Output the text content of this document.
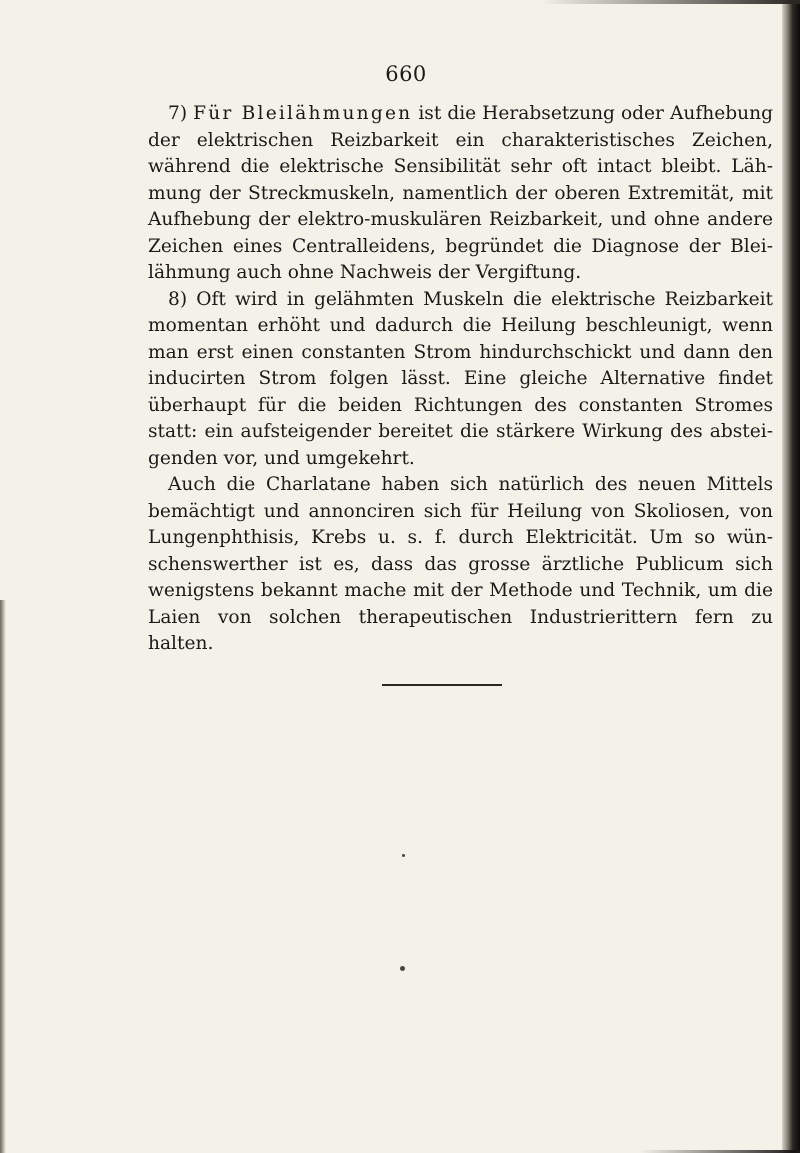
660

7) Für Bleilähmungen ist die Herabsetzung oder Aufhebung der elektrischen Reizbarkeit ein charakteristisches Zeichen, während die elektrische Sensibilität sehr oft intact bleibt. Lähmung der Streckmuskeln, namentlich der oberen Extremität, mit Aufhebung der elektro-muskulären Reizbarkeit, und ohne andere Zeichen eines Centralleidens, begründet die Diagnose der Bleilähmung auch ohne Nachweis der Vergiftung.

8) Oft wird in gelähmten Muskeln die elektrische Reizbarkeit momentan erhöht und dadurch die Heilung beschleunigt, wenn man erst einen constanten Strom hindurchschickt und dann den inducirten Strom folgen lässt. Eine gleiche Alternative findet überhaupt für die beiden Richtungen des constanten Stromes statt: ein aufsteigender bereitet die stärkere Wirkung des absteigenden vor, und umgekehrt.

Auch die Charlatane haben sich natürlich des neuen Mittels bemächtigt und annonciren sich für Heilung von Skoliosen, von Lungenphthisis, Krebs u. s. f. durch Elektricität. Um so wünschenswerther ist es, dass das grosse ärztliche Publicum sich wenigstens bekannt mache mit der Methode und Technik, um die Laien von solchen therapeutischen Industrierittern fern zu halten.
